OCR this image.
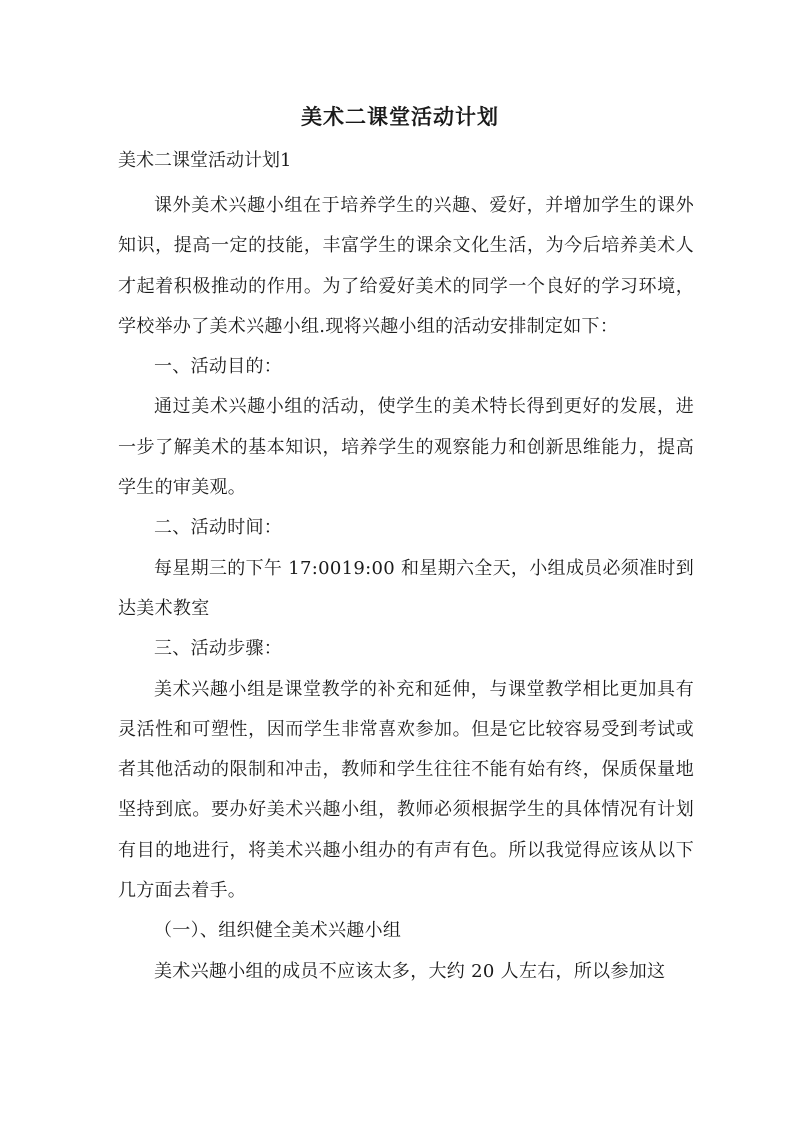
美术二课堂活动计划
美术二课堂活动计划1

课外美术兴趣小组在于培养学生的兴趣、爱好，并增加学生的课外知识，提高一定的技能，丰富学生的课余文化生活，为今后培养美术人才起着积极推动的作用。为了给爱好美术的同学一个良好的学习环境，学校举办了美术兴趣小组.现将兴趣小组的活动安排制定如下：

一、活动目的：

通过美术兴趣小组的活动，使学生的美术特长得到更好的发展，进一步了解美术的基本知识，培养学生的观察能力和创新思维能力，提高学生的审美观。

二、活动时间：

每星期三的下午 17:0019:00 和星期六全天，小组成员必须准时到达美术教室

三、活动步骤：

美术兴趣小组是课堂教学的补充和延伸，与课堂教学相比更加具有灵活性和可塑性，因而学生非常喜欢参加。但是它比较容易受到考试或者其他活动的限制和冲击，教师和学生往往不能有始有终，保质保量地坚持到底。要办好美术兴趣小组，教师必须根据学生的具体情况有计划有目的地进行，将美术兴趣小组办的有声有色。所以我觉得应该从以下几方面去着手。

（一）、组织健全美术兴趣小组

美术兴趣小组的成员不应该太多，大约 20 人左右，所以参加这
